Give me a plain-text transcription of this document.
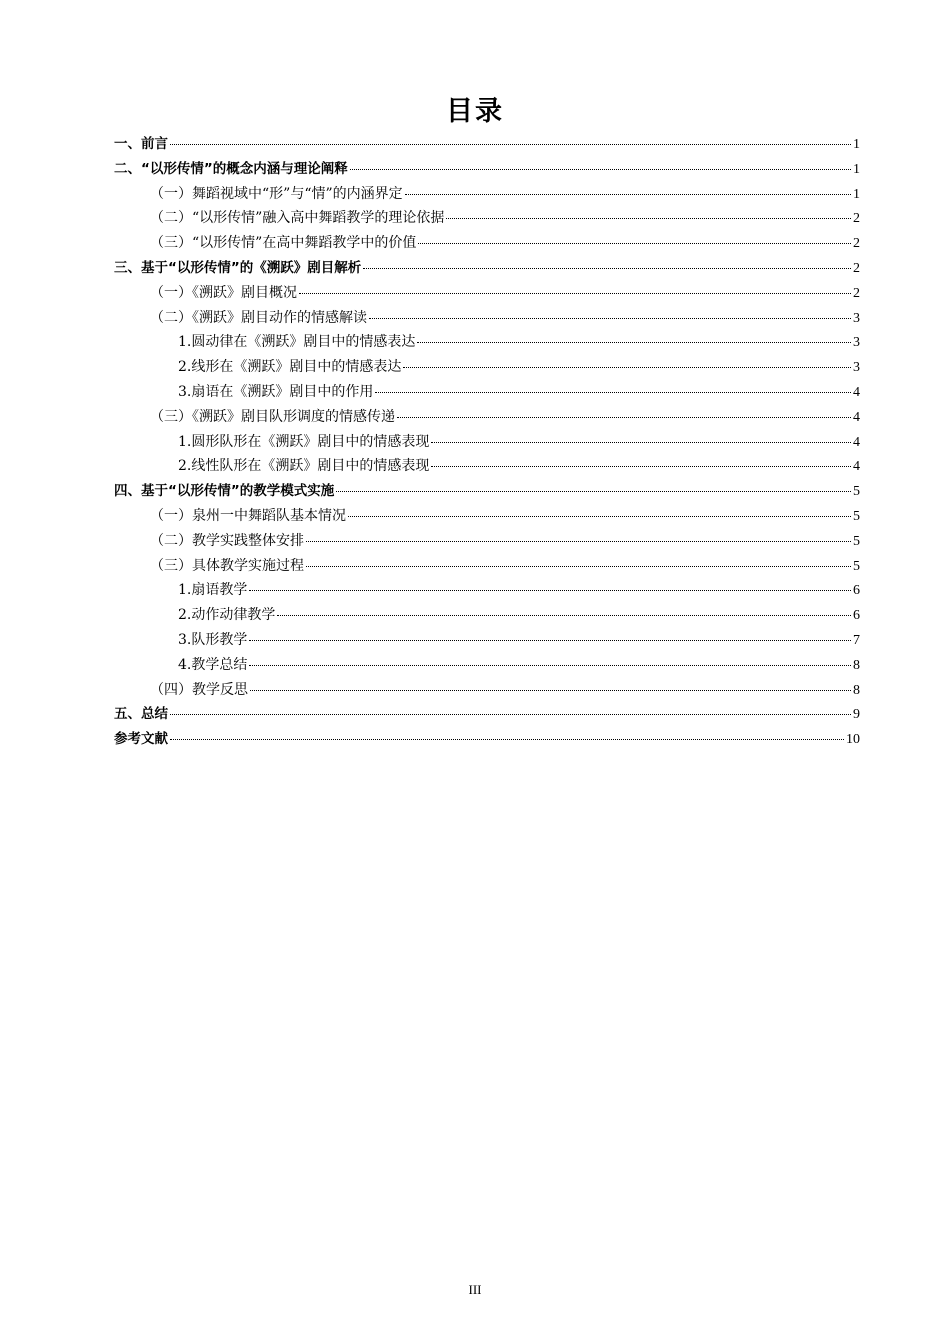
目录
一、前言	1
二、“以形传情”的概念内涵与理论阐释	1
（一）舞蹈视域中“形”与“情”的内涵界定	1
（二）“以形传情”融入高中舞蹈教学的理论依据	2
（三）“以形传情”在高中舞蹈教学中的价值	2
三、基于“以形传情”的《溯跃》剧目解析	2
（一）《溯跃》剧目概况	2
（二）《溯跃》剧目动作的情感解读	3
1.圆动律在《溯跃》剧目中的情感表达	3
2.线形在《溯跃》剧目中的情感表达	3
3.扇语在《溯跃》剧目中的作用	4
（三）《溯跃》剧目队形调度的情感传递	4
1.圆形队形在《溯跃》剧目中的情感表现	4
2.线性队形在《溯跃》剧目中的情感表现	4
四、基于“以形传情”的教学模式实施	5
（一）泉州一中舞蹈队基本情况	5
（二）教学实践整体安排	5
（三）具体教学实施过程	5
1.扇语教学	6
2.动作动律教学	6
3.队形教学	7
4.教学总结	8
（四）教学反思	8
五、总结	9
参考文献	10
III
